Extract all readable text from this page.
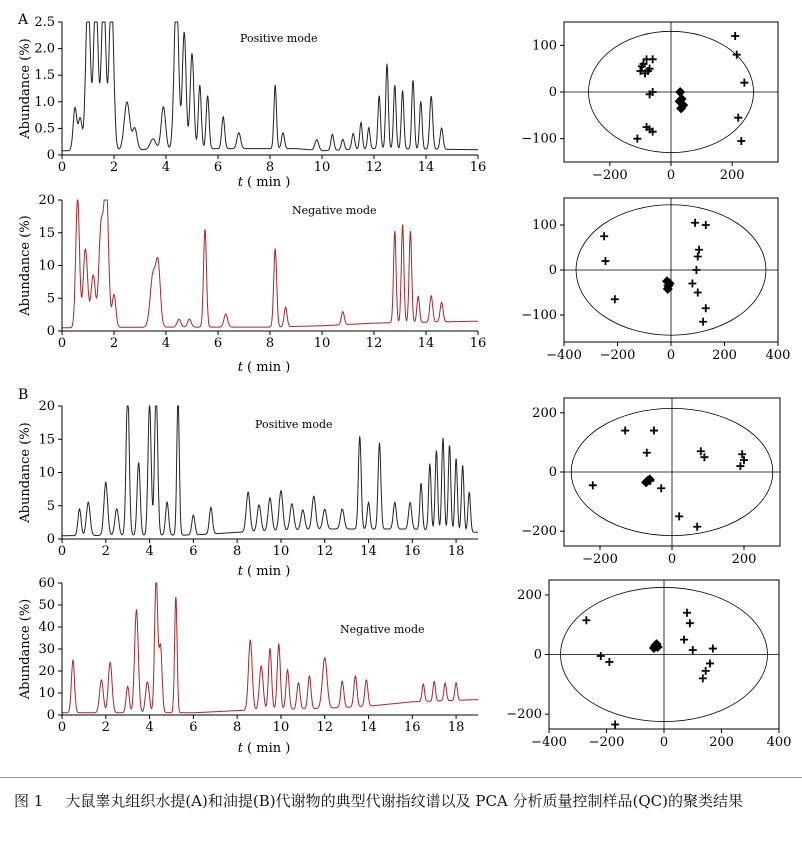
0	2	4	6	8	10	12	14	16
0
0.5
1.0
1.5
2.0
2.5
Abundance (%)
t ( min )
Positive mode
A
−200	0	200
−100
0
100
0	2	4	6	8	10	12	14	16
0
5
10
15
20
Abundance (%)
t ( min )
Negative mode
−400 −200 0	200 400
−100
0
100
0	2	4	6	8 10 12 14 16 18
0
5
10
15
20
Abundance (%)
t ( min )
Positive mode
B
−200	0	200
−200
0
200
0	2	4	6	8 10 12 14 16 18
0
10
20
30
40
50
60
Abundance (%)
t ( min )
Negative mode
−400 −200	0	200	400
−200
0
200
图 1 大鼠睾丸组织水提(A)和油提(B)代谢物的典型代谢指纹谱以及 PCA 分析质量控制样品(QC)的聚类结果
